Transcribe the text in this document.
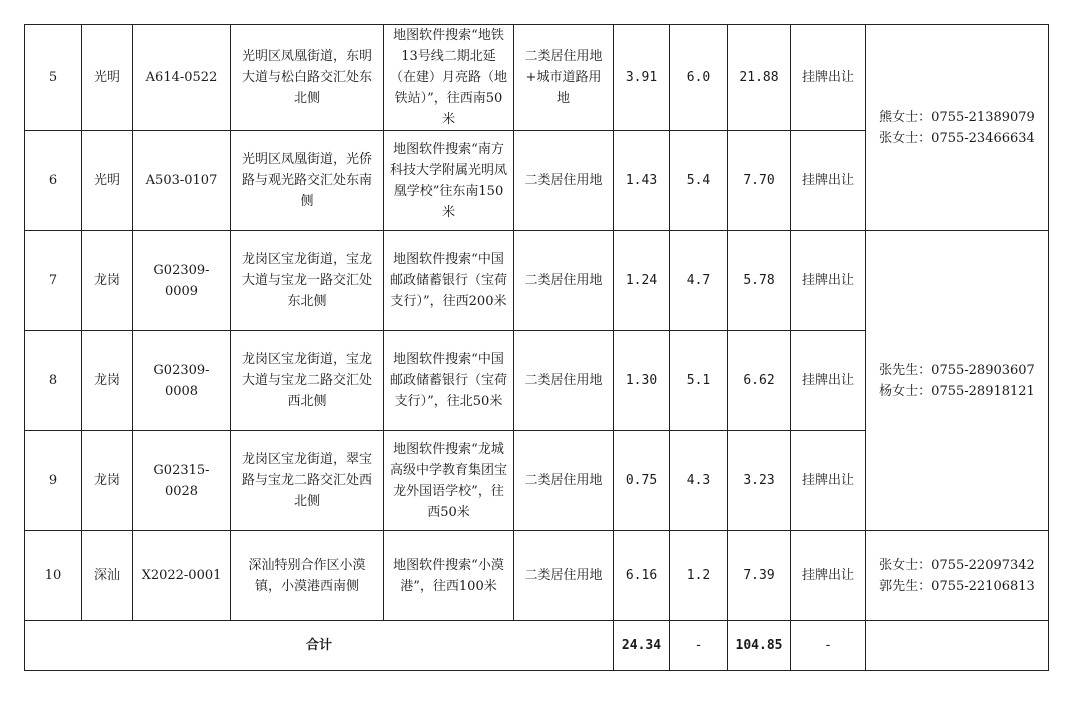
5	光明	A614-0522	光明区凤凰街道，东明大道与松白路交汇处东北侧	地图软件搜索“地铁13号线二期北延（在建）月亮路（地铁站）”，往西南50米	二类居住用地+城市道路用地	3.91	6.0	21.88	挂牌出让	熊女士：0755-21389079
张女士：0755-23466634

6	光明	A503-0107	光明区凤凰街道，光侨路与观光路交汇处东南侧	地图软件搜索“南方科技大学附属光明凤凰学校”往东南150米	二类居住用地	1.43	5.4	7.70	挂牌出让	
7	龙岗	G02309-0009	龙岗区宝龙街道，宝龙大道与宝龙一路交汇处东北侧	地图软件搜索“中国邮政储蓄银行（宝荷支行）”，往西200米	二类居住用地	1.24	4.7	5.78	挂牌出让	张先生：0755-28903607
杨女士：0755-28918121

8	龙岗	G02309-0008	龙岗区宝龙街道，宝龙大道与宝龙二路交汇处西北侧	地图软件搜索“中国邮政储蓄银行（宝荷支行）”，往北50米	二类居住用地	1.30	5.1	6.62	挂牌出让	
9	龙岗	G02315-0028	龙岗区宝龙街道，翠宝路与宝龙二路交汇处西北侧	地图软件搜索“龙城高级中学教育集团宝龙外国语学校”，往西50米	二类居住用地	0.75	4.3	3.23	挂牌出让	
10	深汕	X2022-0001	深汕特别合作区小漠镇，小漠港西南侧	地图软件搜索“小漠港”，往西100米	二类居住用地	6.16	1.2	7.39	挂牌出让	张女士：0755-22097342
郭先生：0755-22106813

合计						24.34	-	104.85	-	
